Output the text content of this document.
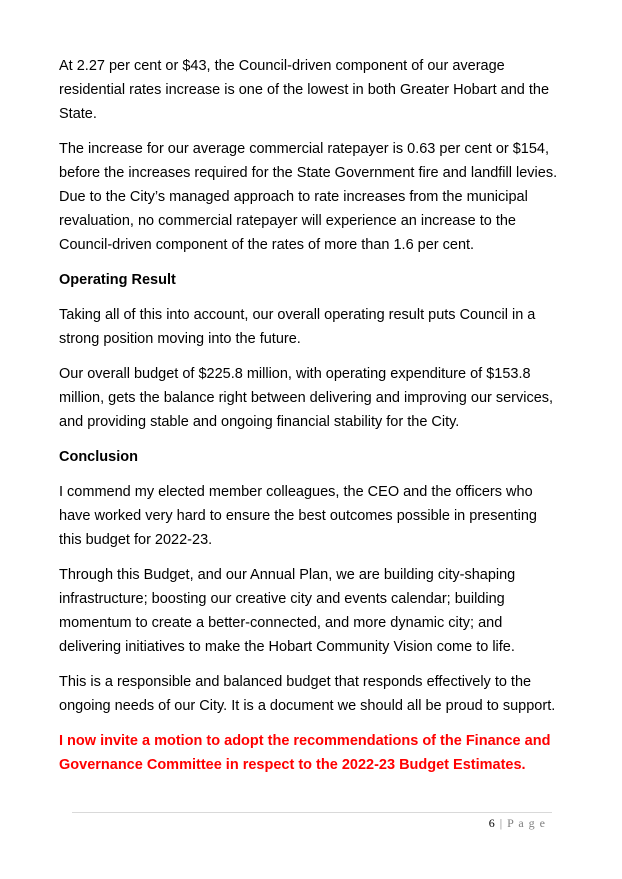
At 2.27 per cent or $43, the Council-driven component of our average residential rates increase is one of the lowest in both Greater Hobart and the State.

The increase for our average commercial ratepayer is 0.63 per cent or $154, before the increases required for the State Government fire and landfill levies. Due to the City’s managed approach to rate increases from the municipal revaluation, no commercial ratepayer will experience an increase to the Council-driven component of the rates of more than 1.6 per cent.

Operating Result

Taking all of this into account, our overall operating result puts Council in a strong position moving into the future.

Our overall budget of $225.8 million, with operating expenditure of $153.8 million, gets the balance right between delivering and improving our services, and providing stable and ongoing financial stability for the City.

Conclusion

I commend my elected member colleagues, the CEO and the officers who have worked very hard to ensure the best outcomes possible in presenting this budget for 2022-23.

Through this Budget, and our Annual Plan, we are building city-shaping infrastructure; boosting our creative city and events calendar; building momentum to create a better-connected, and more dynamic city; and delivering initiatives to make the Hobart Community Vision come to life.

This is a responsible and balanced budget that responds effectively to the ongoing needs of our City. It is a document we should all be proud to support.

I now invite a motion to adopt the recommendations of the Finance and Governance Committee in respect to the 2022-23 Budget Estimates.

6 | P a g e
